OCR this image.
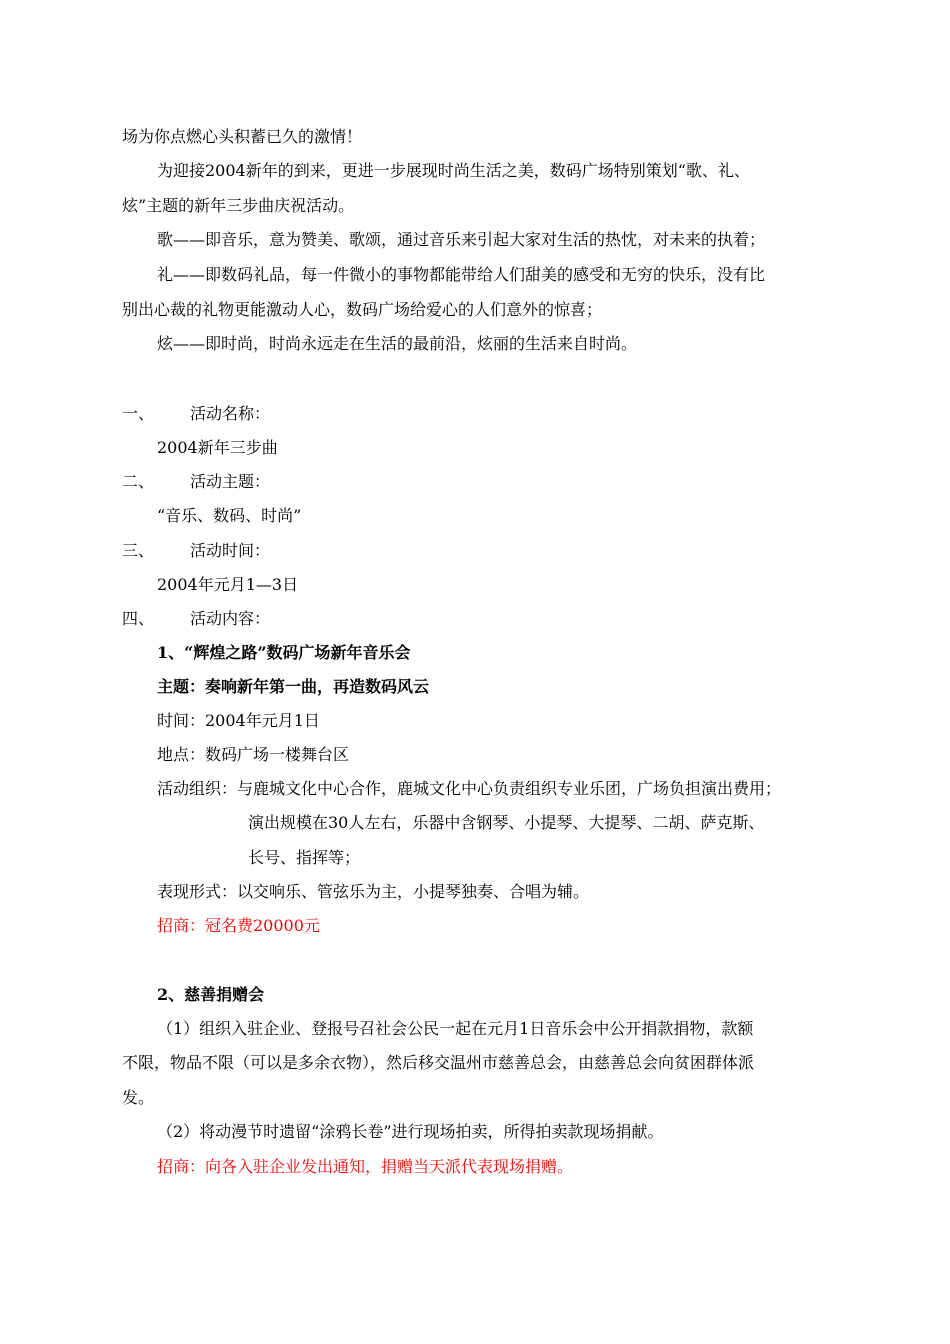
场为你点燃心头积蓄已久的激情！
为迎接2004新年的到来，更进一步展现时尚生活之美，数码广场特别策划“歌、礼、
炫”主题的新年三步曲庆祝活动。
歌——即音乐，意为赞美、歌颂，通过音乐来引起大家对生活的热忱，对未来的执着；
礼——即数码礼品，每一件微小的事物都能带给人们甜美的感受和无穷的快乐，没有比
别出心裁的礼物更能激动人心，数码广场给爱心的人们意外的惊喜；
炫——即时尚，时尚永远走在生活的最前沿，炫丽的生活来自时尚。
一、 活动名称：
2004新年三步曲
二、 活动主题：
“音乐、数码、时尚”
三、 活动时间：
2004年元月1—3日
四、 活动内容：
1、“辉煌之路”数码广场新年音乐会
主题：奏响新年第一曲，再造数码风云
时间：2004年元月1日
地点：数码广场一楼舞台区
活动组织：与鹿城文化中心合作，鹿城文化中心负责组织专业乐团，广场负担演出费用；
演出规模在30人左右，乐器中含钢琴、小提琴、大提琴、二胡、萨克斯、
长号、指挥等；
表现形式：以交响乐、管弦乐为主，小提琴独奏、合唱为辅。
招商：冠名费20000元
2、慈善捐赠会
（1）组织入驻企业、登报号召社会公民一起在元月1日音乐会中公开捐款捐物，款额
不限，物品不限（可以是多余衣物），然后移交温州市慈善总会，由慈善总会向贫困群体派
发。
（2）将动漫节时遗留“涂鸦长卷”进行现场拍卖，所得拍卖款现场捐献。
招商：向各入驻企业发出通知，捐赠当天派代表现场捐赠。
